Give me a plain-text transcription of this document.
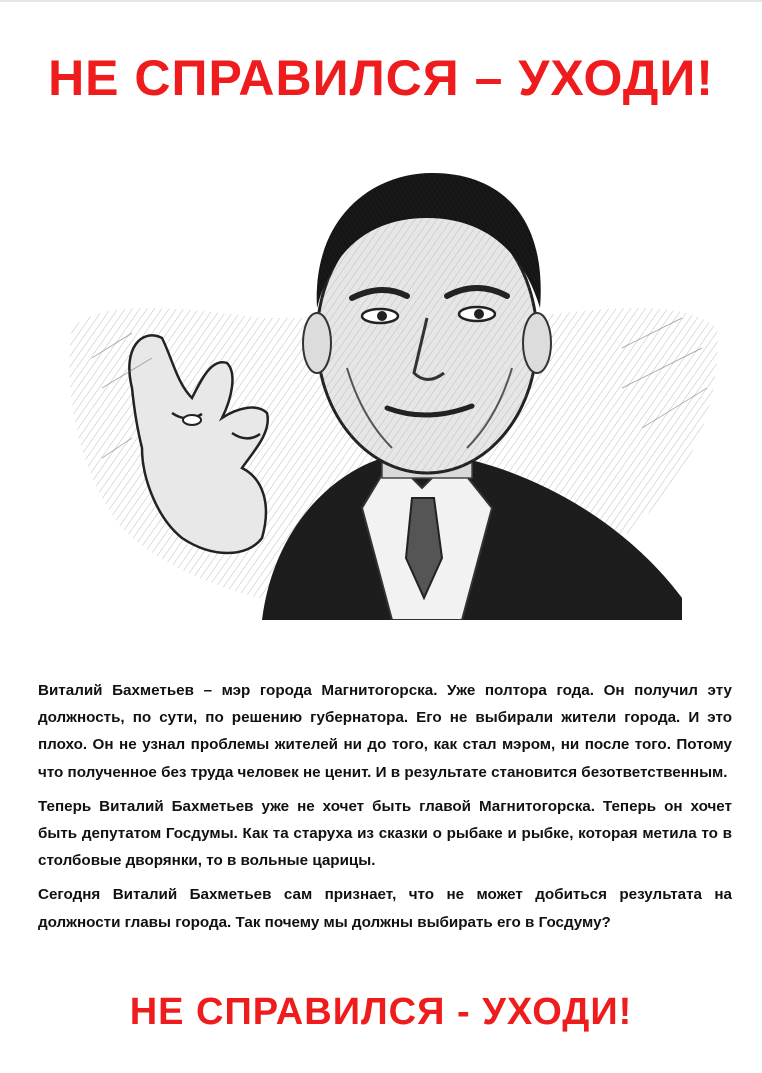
НЕ СПРАВИЛСЯ – УХОДИ!

Виталий Бахметьев – мэр города Магнитогорска. Уже полтора года. Он получил эту должность, по сути, по решению губернатора. Его не выбирали жители города. И это плохо. Он не узнал проблемы жителей ни до того, как стал мэром, ни после того. Потому что полученное без труда человек не ценит. И в результате становится безответственным.

Теперь Виталий Бахметьев уже не хочет быть главой Магнитогорска. Теперь он хочет быть депутатом Госдумы. Как та старуха из сказки о рыбаке и рыбке, которая метила то в столбовые дворянки, то в вольные царицы.

Сегодня Виталий Бахметьев сам признает, что не может добиться результата на должности главы города. Так почему мы должны выбирать его в Госдуму?

НЕ СПРАВИЛСЯ - УХОДИ!
